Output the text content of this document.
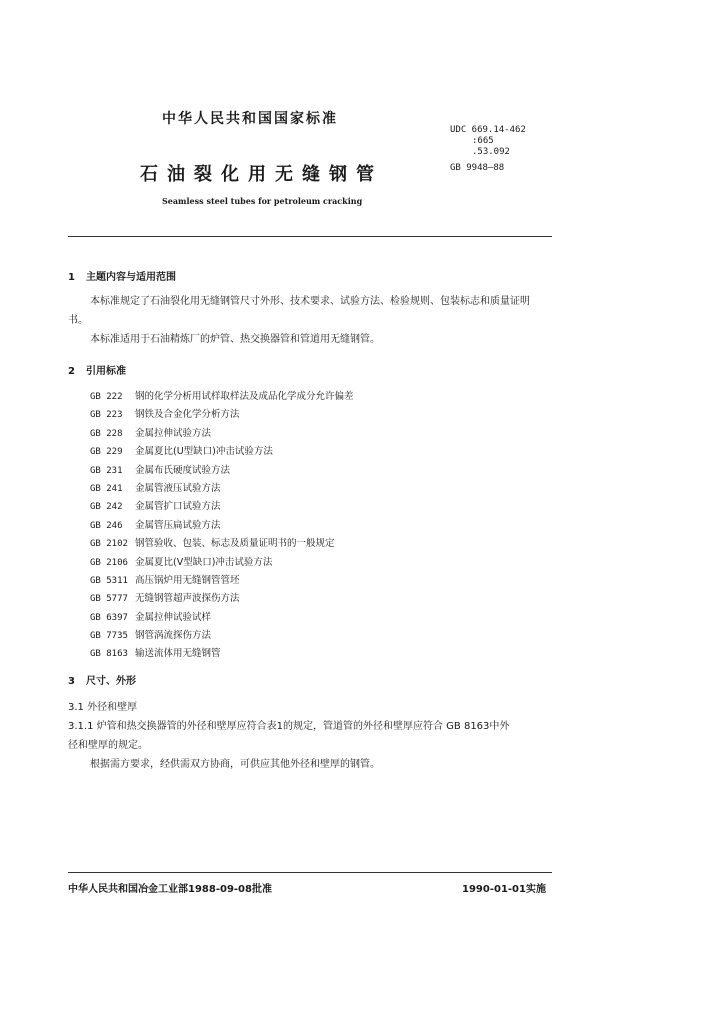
中华人民共和国国家标准
UDC 669.14-462
:665
.53.092
石油裂化用无缝钢管	GB 9948—88
Seamless steel tubes for petroleum cracking
1 主题内容与适用范围
本标准规定了石油裂化用无缝钢管尺寸外形、技术要求、试验方法、检验规则、包装标志和质量证明
书。
本标准适用于石油精炼厂的炉管、热交换器管和管道用无缝钢管。
2 引用标准
GB 222 钢的化学分析用试样取样法及成品化学成分允许偏差
GB 223 钢铁及合金化学分析方法
GB 228 金属拉伸试验方法
GB 229 金属夏比(U型缺口)冲击试验方法
GB 231 金属布氏硬度试验方法
GB 241 金属管液压试验方法
GB 242 金属管扩口试验方法
GB 246 金属管压扁试验方法
GB 2102 钢管验收、包装、标志及质量证明书的一般规定
GB 2106 金属夏比(V型缺口)冲击试验方法
GB 5311 高压锅炉用无缝钢管管坯
GB 5777 无缝钢管超声波探伤方法
GB 6397 金属拉伸试验试样
GB 7735 钢管涡流探伤方法
GB 8163 输送流体用无缝钢管
3 尺寸、外形
3.1 外径和壁厚
3.1.1 炉管和热交换器管的外径和壁厚应符合表1的规定，管道管的外径和壁厚应符合 GB 8163中外
径和壁厚的规定。
根据需方要求，经供需双方协商，可供应其他外径和壁厚的钢管。
中华人民共和国冶金工业部1988-09-08批准	1990-01-01实施
